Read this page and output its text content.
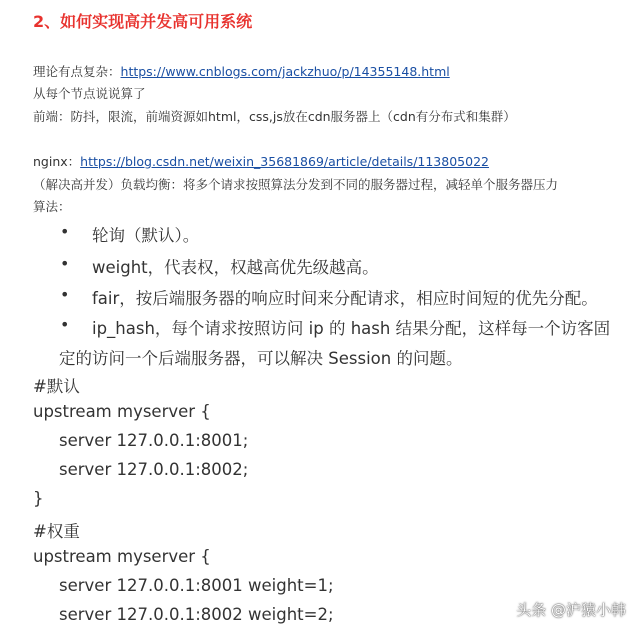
2、如何实现高并发高可用系统
理论有点复杂：https://www.cnblogs.com/jackzhuo/p/14355148.html
从每个节点说说算了
前端：防抖，限流，前端资源如html，css,js放在cdn服务器上（cdn有分布式和集群）
nginx：https://blog.csdn.net/weixin_35681869/article/details/113805022
（解决高并发）负载均衡：将多个请求按照算法分发到不同的服务器过程，减轻单个服务器压力
算法：
• 轮询（默认）。
• weight，代表权，权越高优先级越高。
• fair，按后端服务器的响应时间来分配请求，相应时间短的优先分配。
• ip_hash，每个请求按照访问 ip 的 hash 结果分配，这样每一个访客固
定的访问一个后端服务器，可以解决 Session 的问题。
#默认
upstream myserver {
server 127.0.0.1:8001;
server 127.0.0.1:8002;
}
#权重
upstream myserver {
server 127.0.0.1:8001 weight=1;
server 127.0.0.1:8002 weight=2;	头条 @沪猿小韩
